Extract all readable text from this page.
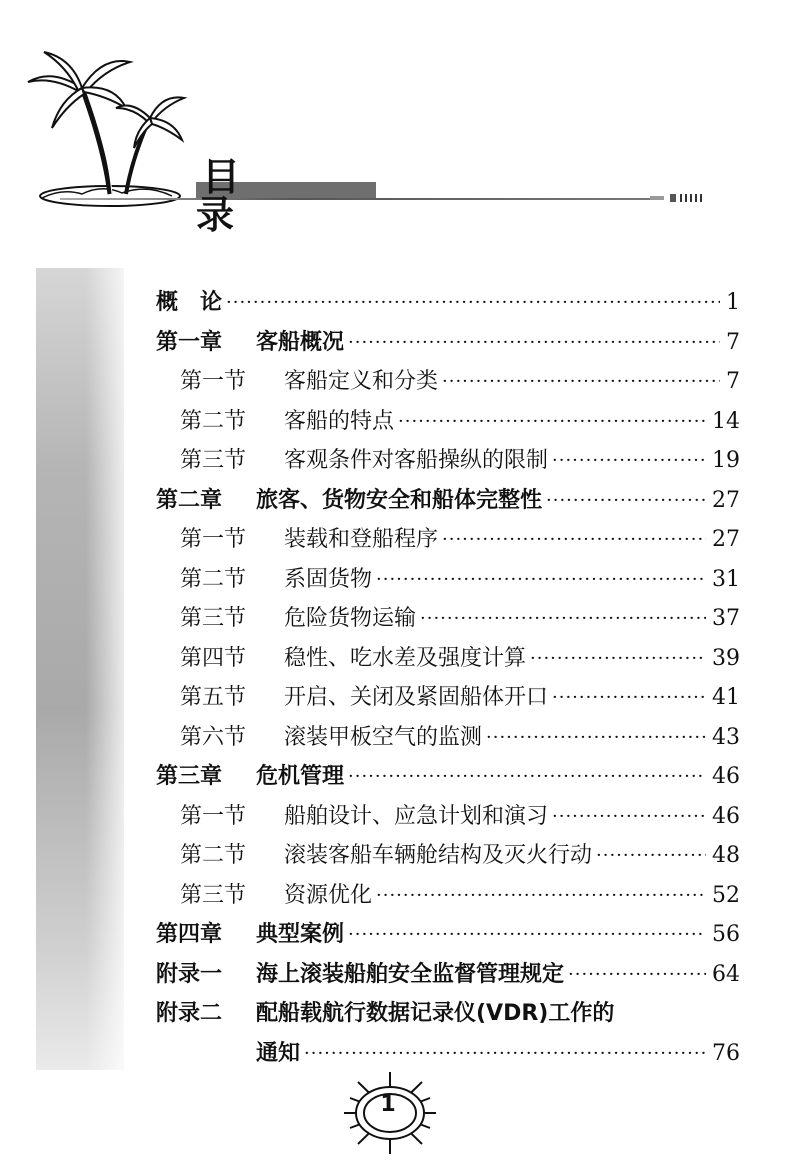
目 录
概 论 ·····	1
第一章	客船概况 ·····	7
第一节	客船定义和分类 ·····	7
第二节	客船的特点 ·····	14
第三节	客观条件对客船操纵的限制 ·····	19
第二章	旅客、货物安全和船体完整性 ·····	27
第一节	装载和登船程序 ·····	27
第二节	系固货物 ·····	31
第三节	危险货物运输 ·····	37
第四节	稳性、吃水差及强度计算 ·····	39
第五节	开启、关闭及紧固船体开口 ·····	41
第六节	滚装甲板空气的监测 ·····	43
第三章	危机管理 ·····	46
第一节	船舶设计、应急计划和演习 ·····	46
第二节	滚装客船车辆舱结构及灭火行动 ·····	48
第三节	资源优化 ·····	52
第四章	典型案例 ·····	56
附录一	海上滚装船舶安全监督管理规定 ·····	64
附录二	配船载航行数据记录仪(VDR)工作的
通知 ·····	76
1
